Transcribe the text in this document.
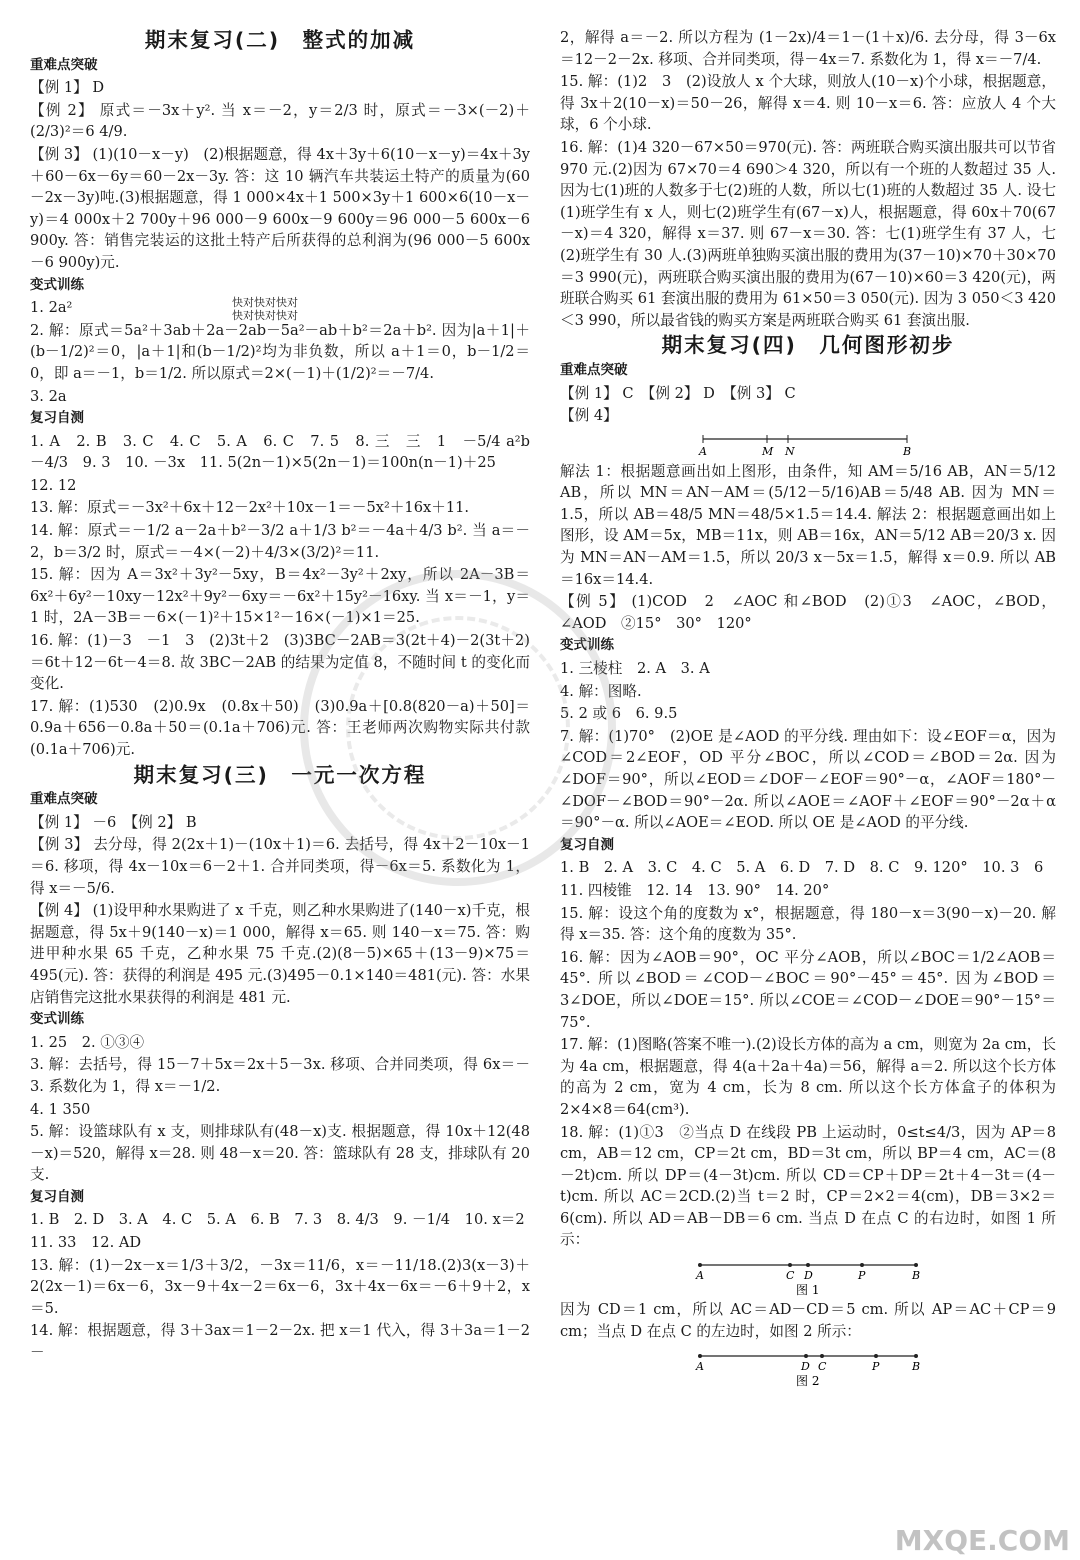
期末复习(二)　整式的加减
重难点突破
【例 1】 D
【例 2】 原式＝－3x＋y². 当 x＝－2，y＝2/3 时，原式＝－3×(－2)＋(2/3)²＝6 4/9.
【例 3】 (1)(10－x－y)　(2)根据题意，得 4x＋3y＋6(10－x－y)＝4x＋3y＋60－6x－6y＝60－2x－3y. 答：这 10 辆汽车共装运土特产的质量为(60－2x－3y)吨.(3)根据题意，得 1 000×4x＋1 500×3y＋1 600×6(10－x－y)＝4 000x＋2 700y＋96 000－9 600x－9 600y＝96 000－5 600x－6 900y. 答：销售完装运的这批土特产后所获得的总利润为(96 000－5 600x－6 900y)元.
变式训练
1. 2a²
2. 解：原式＝5a²＋3ab＋2a－2ab－5a²－ab＋b²＝2a＋b². 因为|a＋1|＋(b－1/2)²＝0，|a＋1|和(b－1/2)²均为非负数，所以 a＋1＝0，b－1/2＝0，即 a＝－1，b＝1/2. 所以原式＝2×(－1)＋(1/2)²＝－7/4.
3. 2a
复习自测
1. A　2. B　3. C　4. C　5. A　6. C　7. 5　8. 三　三　1　－5/4 a²b　－4/3　9. 3　10. －3x　11. 5(2n－1)×5(2n－1)＝100n(n－1)＋25
12. 12
13. 解：原式＝－3x²＋6x＋12－2x²＋10x－1＝－5x²＋16x＋11.
14. 解：原式＝－1/2 a－2a＋b²－3/2 a＋1/3 b²＝－4a＋4/3 b². 当 a＝－2，b＝3/2 时，原式＝－4×(－2)＋4/3×(3/2)²＝11.
15. 解：因为 A＝3x²＋3y²－5xy，B＝4x²－3y²＋2xy，所以 2A－3B＝6x²＋6y²－10xy－12x²＋9y²－6xy＝－6x²＋15y²－16xy. 当 x＝－1，y＝1 时，2A－3B＝－6×(－1)²＋15×1²－16×(－1)×1＝25.
16. 解：(1)－3　－1　3　(2)3t＋2　(3)3BC－2AB＝3(2t＋4)－2(3t＋2)＝6t＋12－6t－4＝8. 故 3BC－2AB 的结果为定值 8，不随时间 t 的变化而变化.
17. 解：(1)530　(2)0.9x　(0.8x＋50)　(3)0.9a＋[0.8(820－a)＋50]＝0.9a＋656－0.8a＋50＝(0.1a＋706)元. 答：王老师两次购物实际共付款(0.1a＋706)元.
期末复习(三)　一元一次方程
重难点突破
【例 1】 －6　【例 2】 B
【例 3】 去分母，得 2(2x＋1)－(10x＋1)＝6. 去括号，得 4x＋2－10x－1＝6. 移项，得 4x－10x＝6－2＋1. 合并同类项，得－6x＝5. 系数化为 1，得 x＝－5/6.
【例 4】 (1)设甲种水果购进了 x 千克，则乙种水果购进了(140－x)千克，根据题意，得 5x＋9(140－x)＝1 000，解得 x＝65. 则 140－x＝75. 答：购进甲种水果 65 千克，乙种水果 75 千克.(2)(8－5)×65＋(13－9)×75＝495(元). 答：获得的利润是 495 元.(3)495－0.1×140＝481(元). 答：水果店销售完这批水果获得的利润是 481 元.
变式训练
1. 25　2. ①③④
3. 解：去括号，得 15－7＋5x＝2x＋5－3x. 移项、合并同类项，得 6x＝－3. 系数化为 1，得 x＝－1/2.
4. 1 350
5. 解：设篮球队有 x 支，则排球队有(48－x)支. 根据题意，得 10x＋12(48－x)＝520，解得 x＝28. 则 48－x＝20. 答：篮球队有 28 支，排球队有 20 支.
复习自测
1. B　2. D　3. A　4. C　5. A　6. B　7. 3　8. 4/3　9. －1/4　10. x＝2
11. 33　12. AD
13. 解：(1)－2x－x＝1/3＋3/2，－3x＝11/6，x＝－11/18.(2)3(x－3)＋2(2x－1)＝6x－6，3x－9＋4x－2＝6x－6，3x＋4x－6x＝－6＋9＋2，x＝5.
14. 解：根据题意，得 3＋3ax＝1－2－2x. 把 x＝1 代入，得 3＋3a＝1－2－
2，解得 a＝－2. 所以方程为 (1－2x)/4＝1－(1＋x)/6. 去分母，得 3－6x＝12－2－2x. 移项、合并同类项，得－4x＝7. 系数化为 1，得 x＝－7/4.
15. 解：(1)2　3　(2)设放人 x 个大球，则放人(10－x)个小球，根据题意，得 3x＋2(10－x)＝50－26，解得 x＝4. 则 10－x＝6. 答：应放人 4 个大球，6 个小球.
16. 解：(1)4 320－67×50＝970(元). 答：两班联合购买演出服共可以节省 970 元.(2)因为 67×70＝4 690＞4 320，所以有一个班的人数超过 35 人. 因为七(1)班的人数多于七(2)班的人数，所以七(1)班的人数超过 35 人. 设七(1)班学生有 x 人，则七(2)班学生有(67－x)人，根据题意，得 60x＋70(67－x)＝4 320，解得 x＝37. 则 67－x＝30. 答：七(1)班学生有 37 人，七(2)班学生有 30 人.(3)两班单独购买演出服的费用为(37－10)×70＋30×70＝3 990(元)，两班联合购买演出服的费用为(67－10)×60＝3 420(元)，两班联合购买 61 套演出服的费用为 61×50＝3 050(元). 因为 3 050＜3 420＜3 990，所以最省钱的购买方案是两班联合购买 61 套演出服.
期末复习(四)　几何图形初步
重难点突破
【例 1】 C　【例 2】 D　【例 3】 C
【例 4】
A	M N	B
解法 1：根据题意画出如上图形，由条件，知 AM＝5/16 AB，AN＝5/12 AB，所以 MN＝AN－AM＝(5/12－5/16)AB＝5/48 AB. 因为 MN＝1.5，所以 AB＝48/5 MN＝48/5×1.5＝14.4. 解法 2：根据题意画出如上图形，设 AM＝5x，MB＝11x，则 AB＝16x，AN＝5/12 AB＝20/3 x. 因为 MN＝AN－AM＝1.5，所以 20/3 x－5x＝1.5，解得 x＝0.9. 所以 AB＝16x＝14.4.
【例 5】 (1)COD　2　∠AOC 和∠BOD　(2)①3　∠AOC，∠BOD，∠AOD　②15°　30°　120°
变式训练
1. 三棱柱　2. A　3. A
4. 解：图略.
5. 2 或 6　6. 9.5
7. 解：(1)70°　(2)OE 是∠AOD 的平分线. 理由如下：设∠EOF＝α，因为∠COD＝2∠EOF，OD 平分∠BOC，所以∠COD＝∠BOD＝2α. 因为∠DOF＝90°，所以∠EOD＝∠DOF－∠EOF＝90°－α，∠AOF＝180°－∠DOF－∠BOD＝90°－2α. 所以∠AOE＝∠AOF＋∠EOF＝90°－2α＋α＝90°－α. 所以∠AOE＝∠EOD. 所以 OE 是∠AOD 的平分线.
复习自测
1. B　2. A　3. C　4. C　5. A　6. D　7. D　8. C　9. 120°　10. 3　6
11. 四棱锥　12. 14　13. 90°　14. 20°
15. 解：设这个角的度数为 x°，根据题意，得 180－x＝3(90－x)－20. 解得 x＝35. 答：这个角的度数为 35°.
16. 解：因为∠AOB＝90°，OC 平分∠AOB，所以∠BOC＝1/2∠AOB＝45°. 所以∠BOD＝∠COD－∠BOC＝90°－45°＝45°. 因为∠BOD＝3∠DOE，所以∠DOE＝15°. 所以∠COE＝∠COD－∠DOE＝90°－15°＝75°.
17. 解：(1)图略(答案不唯一).(2)设长方体的高为 a cm，则宽为 2a cm，长为 4a cm，根据题意，得 4(a＋2a＋4a)＝56，解得 a＝2. 所以这个长方体的高为 2 cm，宽为 4 cm，长为 8 cm. 所以这个长方体盒子的体积为 2×4×8＝64(cm³).
18. 解：(1)①3　②当点 D 在线段 PB 上运动时，0≤t≤4/3，因为 AP＝8 cm，AB＝12 cm，CP＝2t cm，BD＝3t cm，所以 BP＝4 cm，AC＝(8－2t)cm. 所以 DP＝(4－3t)cm. 所以 CD＝CP＋DP＝2t＋4－3t＝(4－t)cm. 所以 AC＝2CD.(2)当 t＝2 时，CP＝2×2＝4(cm)，DB＝3×2＝6(cm). 所以 AD＝AB－DB＝6 cm. 当点 D 在点 C 的右边时，如图 1 所示：
A	C D	P	B
图 1
因为 CD＝1 cm，所以 AC＝AD－CD＝5 cm. 所以 AP＝AC＋CP＝9 cm；当点 D 在点 C 的左边时，如图 2 所示：
A	D C	P	B
图 2
快对快对快对 快对快对快对
MXQE.COM
